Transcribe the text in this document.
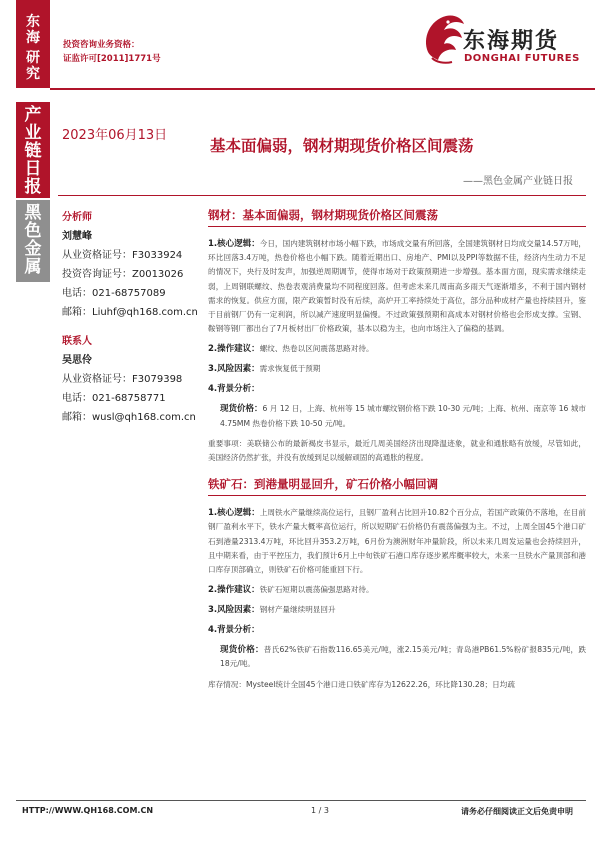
东
海
研
究
产
业
链
日
报
黑
色
金
属
投资咨询业务资格：
证监许可[2011]1771号
东海期货
DONGHAI FUTURES
2023年06月13日
基本面偏弱，钢材期现货价格区间震荡
——黑色金属产业链日报
分析师
刘慧峰
从业资格证号：F3033924
投资咨询证号：Z0013026
电话：021-68757089
邮箱：Liuhf@qh168.com.cn
联系人
吴思伶
从业资格证号：F3079398
电话：021-68758771
邮箱：wusl@qh168.com.cn
钢材：基本面偏弱，钢材期现货价格区间震荡
1.核心逻辑：今日，国内建筑钢材市场小幅下跌，市场成交量有所回落，全国建筑钢材日均成交量14.57万吨，环比回落3.4万吨，热卷价格也小幅下跌。随着近期出口、房地产、PMI以及PPI等数据不佳，经济内生动力不足的情况下，央行及时发声，加强逆周期调节，使得市场对于政策预期进一步增强。基本面方面，现实需求继续走弱，上周钢联螺纹、热卷表观消费量均不同程度回落。但考虑未来几周南高多雨天气逐渐增多，不利于国内钢材需求的恢复。供应方面，限产政策暂时没有后续，高炉开工率持续处于高位，部分品种成材产量也持续回升，鉴于目前钢厂仍有一定利润，所以减产速度明显偏慢。不过政策强预期和高成本对钢材价格也会形成支撑。宝钢、鞍钢等钢厂都出台了7月板材出厂价格政策，基本以稳为主，也向市场注入了偏稳的基调。
2.操作建议：螺纹、热卷以区间震荡思路对待。
3.风险因素：需求恢复低于预期
4.背景分析：
现货价格：6 月 12 日，上海、杭州等 15 城市螺纹钢价格下跌 10-30 元/吨；上海、杭州、南京等 16 城市 4.75MM 热卷价格下跌 10-50 元/吨。
重要事项：美联储公布的最新褐皮书显示，最近几周美国经济出现降温迹象，就业和通胀略有放缓，尽管如此，美国经济仍然扩张，并没有放缓到足以缓解顽固的高通胀的程度。
铁矿石：到港量明显回升，矿石价格小幅回调
1.核心逻辑：上周铁水产量继续高位运行，且钢厂盈利占比回升10.82个百分点，若国产政策仍不落地，在目前钢厂盈利水平下，铁水产量大概率高位运行，所以短期矿石价格仍有震荡偏强为主。不过，上周全国45个港口矿石到港量2313.4万吨，环比回升353.2万吨，6月份为澳洲财年冲量阶段，所以未来几周发运量也会持续回升，且中期来看，由于平控压力，我们预计6月上中旬铁矿石港口库存逐步累库概率较大，未来一旦铁水产量顶部和港口库存顶部确立，则铁矿石价格可能重回下行。
2.操作建议：铁矿石短期以震荡偏强思路对待。
3.风险因素：钢材产量继续明显回升
4.背景分析：
现货价格：普氏62%铁矿石指数116.65美元/吨，涨2.15美元/吨；青岛港PB61.5%粉矿报835元/吨，跌18元/吨。
库存情况：Mysteel统计全国45个港口进口铁矿库存为12622.26，环比降130.28；日均疏
HTTP://WWW.QH168.COM.CN	1 / 3	请务必仔细阅读正文后免责申明
